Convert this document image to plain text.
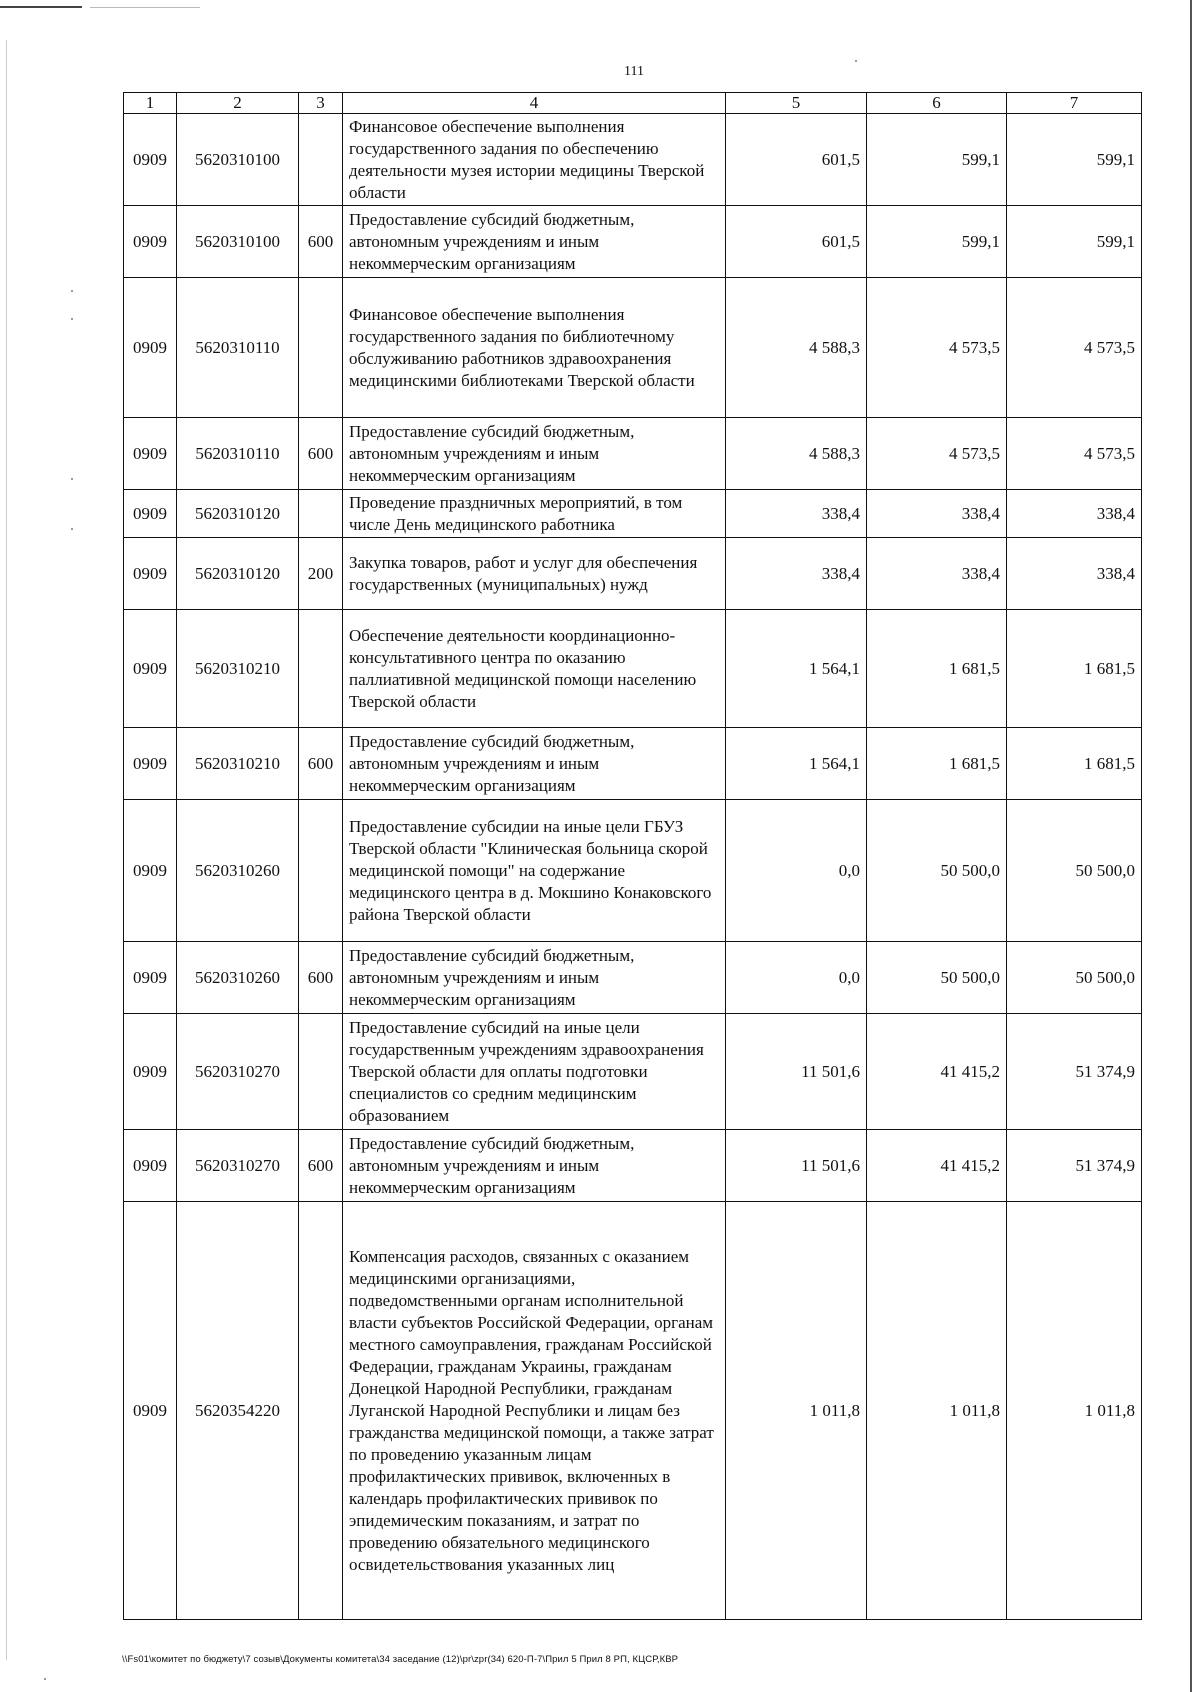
111
1	2	3	4	5	6	7
0909	5620310100		Финансовое обеспечение выполнения государственного задания по обеспечению деятельности музея истории медицины Тверской области	601,5	599,1	599,1
0909	5620310100	600	Предоставление субсидий бюджетным, автономным учреждениям и иным некоммерческим организациям	601,5	599,1	599,1
0909	5620310110		Финансовое обеспечение выполнения государственного задания по библиотечному обслуживанию работников здравоохранения медицинскими библиотеками Тверской области	4 588,3	4 573,5	4 573,5
0909	5620310110	600	Предоставление субсидий бюджетным, автономным учреждениям и иным некоммерческим организациям	4 588,3	4 573,5	4 573,5
0909	5620310120		Проведение праздничных мероприятий, в том числе День медицинского работника	338,4	338,4	338,4
0909	5620310120	200	Закупка товаров, работ и услуг для обеспечения государственных (муниципальных) нужд	338,4	338,4	338,4
0909	5620310210		Обеспечение деятельности координационно-консультативного центра по оказанию паллиативной медицинской помощи населению Тверской области	1 564,1	1 681,5	1 681,5
0909	5620310210	600	Предоставление субсидий бюджетным, автономным учреждениям и иным некоммерческим организациям	1 564,1	1 681,5	1 681,5
0909	5620310260		Предоставление субсидии на иные цели ГБУЗ Тверской области "Клиническая больница скорой медицинской помощи" на содержание медицинского центра в д. Мокшино Конаковского района Тверской области	0,0	50 500,0	50 500,0
0909	5620310260	600	Предоставление субсидий бюджетным, автономным учреждениям и иным некоммерческим организациям	0,0	50 500,0	50 500,0
0909	5620310270		Предоставление субсидий на иные цели государственным учреждениям здравоохранения Тверской области для оплаты подготовки специалистов со средним медицинским образованием	11 501,6	41 415,2	51 374,9
0909	5620310270	600	Предоставление субсидий бюджетным, автономным учреждениям и иным некоммерческим организациям	11 501,6	41 415,2	51 374,9
0909	5620354220		Компенсация расходов, связанных с оказанием медицинскими организациями, подведомственными органам исполнительной власти субъектов Российской Федерации, органам местного самоуправления, гражданам Российской Федерации, гражданам Украины, гражданам Донецкой Народной Республики, гражданам Луганской Народной Республики и лицам без гражданства медицинской помощи, а также затрат по проведению указанным лицам профилактических прививок, включенных в календарь профилактических прививок по эпидемическим показаниям, и затрат по проведению обязательного медицинского освидетельствования указанных лиц	1 011,8	1 011,8	1 011,8
\\Fs01\комитет по бюджету\7 созыв\Документы комитета\34 заседание (12)\pr\zpr(34) 620-П-7\Прил 5 Прил 8 РП, КЦСР,КВР
